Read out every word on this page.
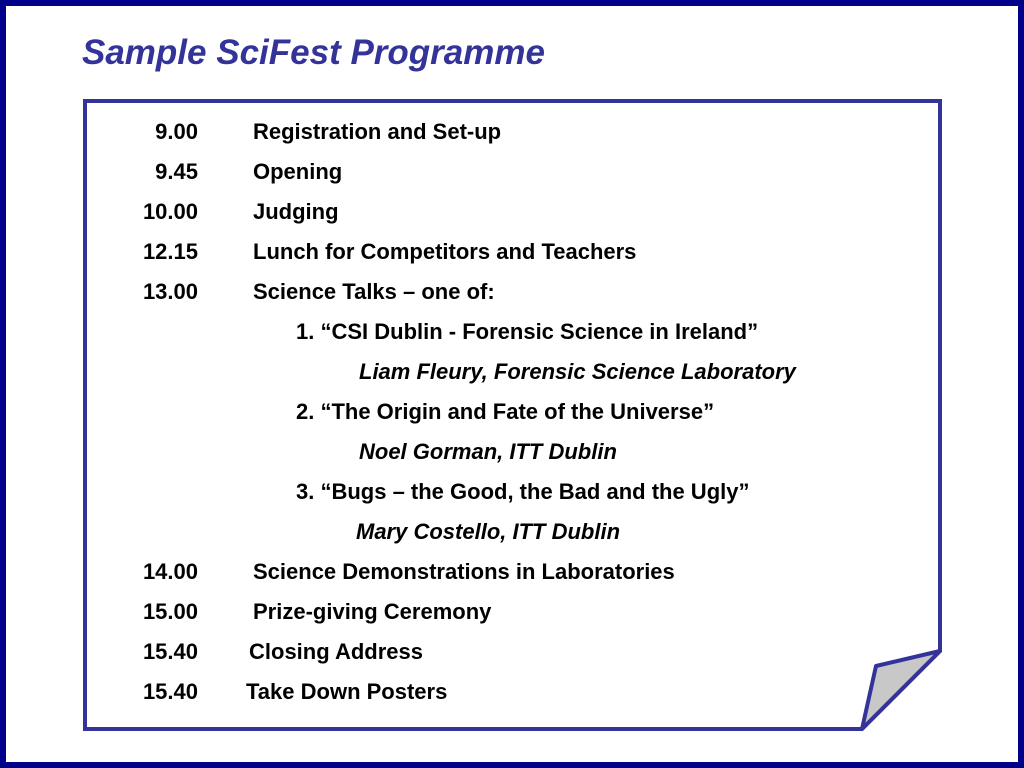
Sample SciFest Programme
9.00	Registration and Set-up
9.45	Opening
10.00	Judging
12.15	Lunch for Competitors and Teachers
13.00	Science Talks – one of:
1. “CSI Dublin - Forensic Science in Ireland”
Liam Fleury, Forensic Science Laboratory
2. “The Origin and Fate of the Universe”
Noel Gorman, ITT Dublin
3. “Bugs – the Good, the Bad and the Ugly”
Mary Costello, ITT Dublin
14.00	Science Demonstrations in Laboratories
15.00	Prize-giving Ceremony
15.40 Closing Address
15.40 Take Down Posters
